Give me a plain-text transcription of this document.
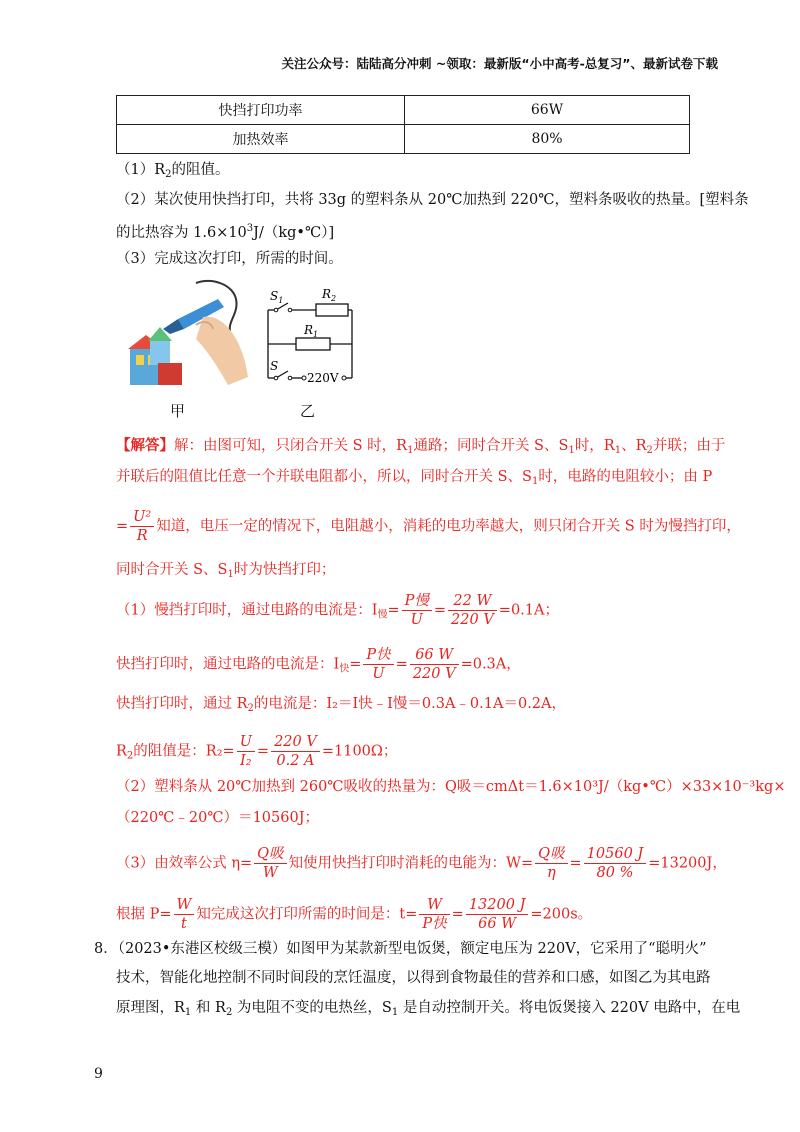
关注公众号：陆陆高分冲刺 ~领取：最新版“小中高考-总复习”、最新试卷下载
快挡打印功率	66W
加热效率	80%
$(1)R_2$的阻值。
（2）某次使用快挡打印，共将 33g 的塑料条从 20℃加热到 220℃，塑料条吸收的热量。[塑料条
的比热容为 $1.6\times 10^3J/(kg•℃)$]
（3）完成这次打印，所需的时间。
$S_1$	$R_2$
$R_1$
S
220V
甲	乙
【解答】解：由图可知，只闭合开关 S 时，$R_1$通路；同时合开关 S、$S_1$时，$R_1$、$R_2$并联；由于
并联后的阻值比任意一个并联电阻都小，所以，同时合开关 S、$S_1$时，电路的电阻较小；由 P
= $\frac{\text{U²}}{R}$ 知道，电压一定的情况下，电阻越小，消耗的电功率越大，则只闭合开关 S 时为慢挡打印，
同时合开关 S、$S_1$时为快挡打印；
（1）慢挡打印时，通过电路的电流是：$I_慢= \frac{\text{P慢}}{U} = \frac{22 W}{220 V} =0.1A$；
快挡打印时，通过电路的电流是：$I_快= \frac{\text{P快}}{U} = \frac{66 W}{220 V} =0.3A$，
快挡打印时，通过 $R_2$的电流是：I₂＝I快﹣I慢＝0.3A﹣0.1A＝0.2A，
$R_2$的阻值是：$R_2= \frac{U}{\text{I₂}} = \frac{220 V}{0.2 A} =1100\Omega$；
（2）塑料条从 20℃加热到 260℃吸收的热量为：Q吸＝cmΔt＝1.6×10³J/（kg•℃）×33×10⁻³kg×
（220℃﹣20℃）＝10560J；
（3）由效率公式 $\eta= \frac{\text{Q吸}}{W}$ 知使用快挡打印时消耗的电能为：$W= \frac{\text{Q吸}}{\eta} = \frac{10560 J}{80 \%} =13200J$，
根据 $P= \frac{W}{t}$ 知完成这次打印所需的时间是：$t= \frac{W}{\text{P快}} = \frac{13200 J}{66 W} =200s$。
8．（2023•东港区校级三模）如图甲为某款新型电饭煲，额定电压为 220V，它采用了“聪明火”
技术，智能化地控制不同时间段的烹饪温度，以得到食物最佳的营养和口感，如图乙为其电路
原理图，$R_1$ 和 $R_2$ 为电阻不变的电热丝，$S_1$ 是自动控制开关。将电饭煲接入 220V 电路中，在电
9
